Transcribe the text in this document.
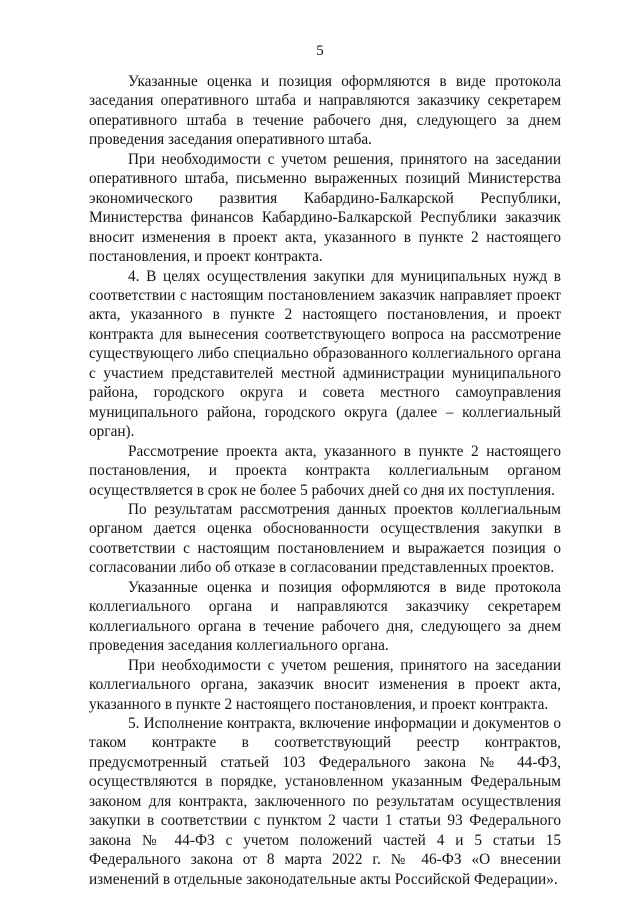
5

Указанные оценка и позиция оформляются в виде протокола заседания оперативного штаба и направляются заказчику секретарем оперативного штаба в течение рабочего дня, следующего за днем проведения заседания оперативного штаба.

При необходимости с учетом решения, принятого на заседании оперативного штаба, письменно выраженных позиций Министерства экономического развития Кабардино-Балкарской Республики, Министерства финансов Кабардино-Балкарской Республики заказчик вносит изменения в проект акта, указанного в пункте 2 настоящего постановления, и проект контракта.

4. В целях осуществления закупки для муниципальных нужд в соответствии с настоящим постановлением заказчик направляет проект акта, указанного в пункте 2 настоящего постановления, и проект контракта для вынесения соответствующего вопроса на рассмотрение существующего либо специально образованного коллегиального органа с участием представителей местной администрации муниципального района, городского округа и совета местного самоуправления муниципального района, городского округа (далее – коллегиальный орган).

Рассмотрение проекта акта, указанного в пункте 2 настоящего постановления, и проекта контракта коллегиальным органом осуществляется в срок не более 5 рабочих дней со дня их поступления.

По результатам рассмотрения данных проектов коллегиальным органом дается оценка обоснованности осуществления закупки в соответствии с настоящим постановлением и выражается позиция о согласовании либо об отказе в согласовании представленных проектов.

Указанные оценка и позиция оформляются в виде протокола коллегиального органа и направляются заказчику секретарем коллегиального органа в течение рабочего дня, следующего за днем проведения заседания коллегиального органа.

При необходимости с учетом решения, принятого на заседании коллегиального органа, заказчик вносит изменения в проект акта, указанного в пункте 2 настоящего постановления, и проект контракта.

5. Исполнение контракта, включение информации и документов о таком контракте в соответствующий реестр контрактов, предусмотренный статьей 103 Федерального закона № 44-ФЗ, осуществляются в порядке, установленном указанным Федеральным законом для контракта, заключенного по результатам осуществления закупки в соответствии с пунктом 2 части 1 статьи 93 Федерального закона № 44-ФЗ с учетом положений частей 4 и 5 статьи 15 Федерального закона от 8 марта 2022 г. № 46-ФЗ «О внесении изменений в отдельные законодательные акты Российской Федерации».
